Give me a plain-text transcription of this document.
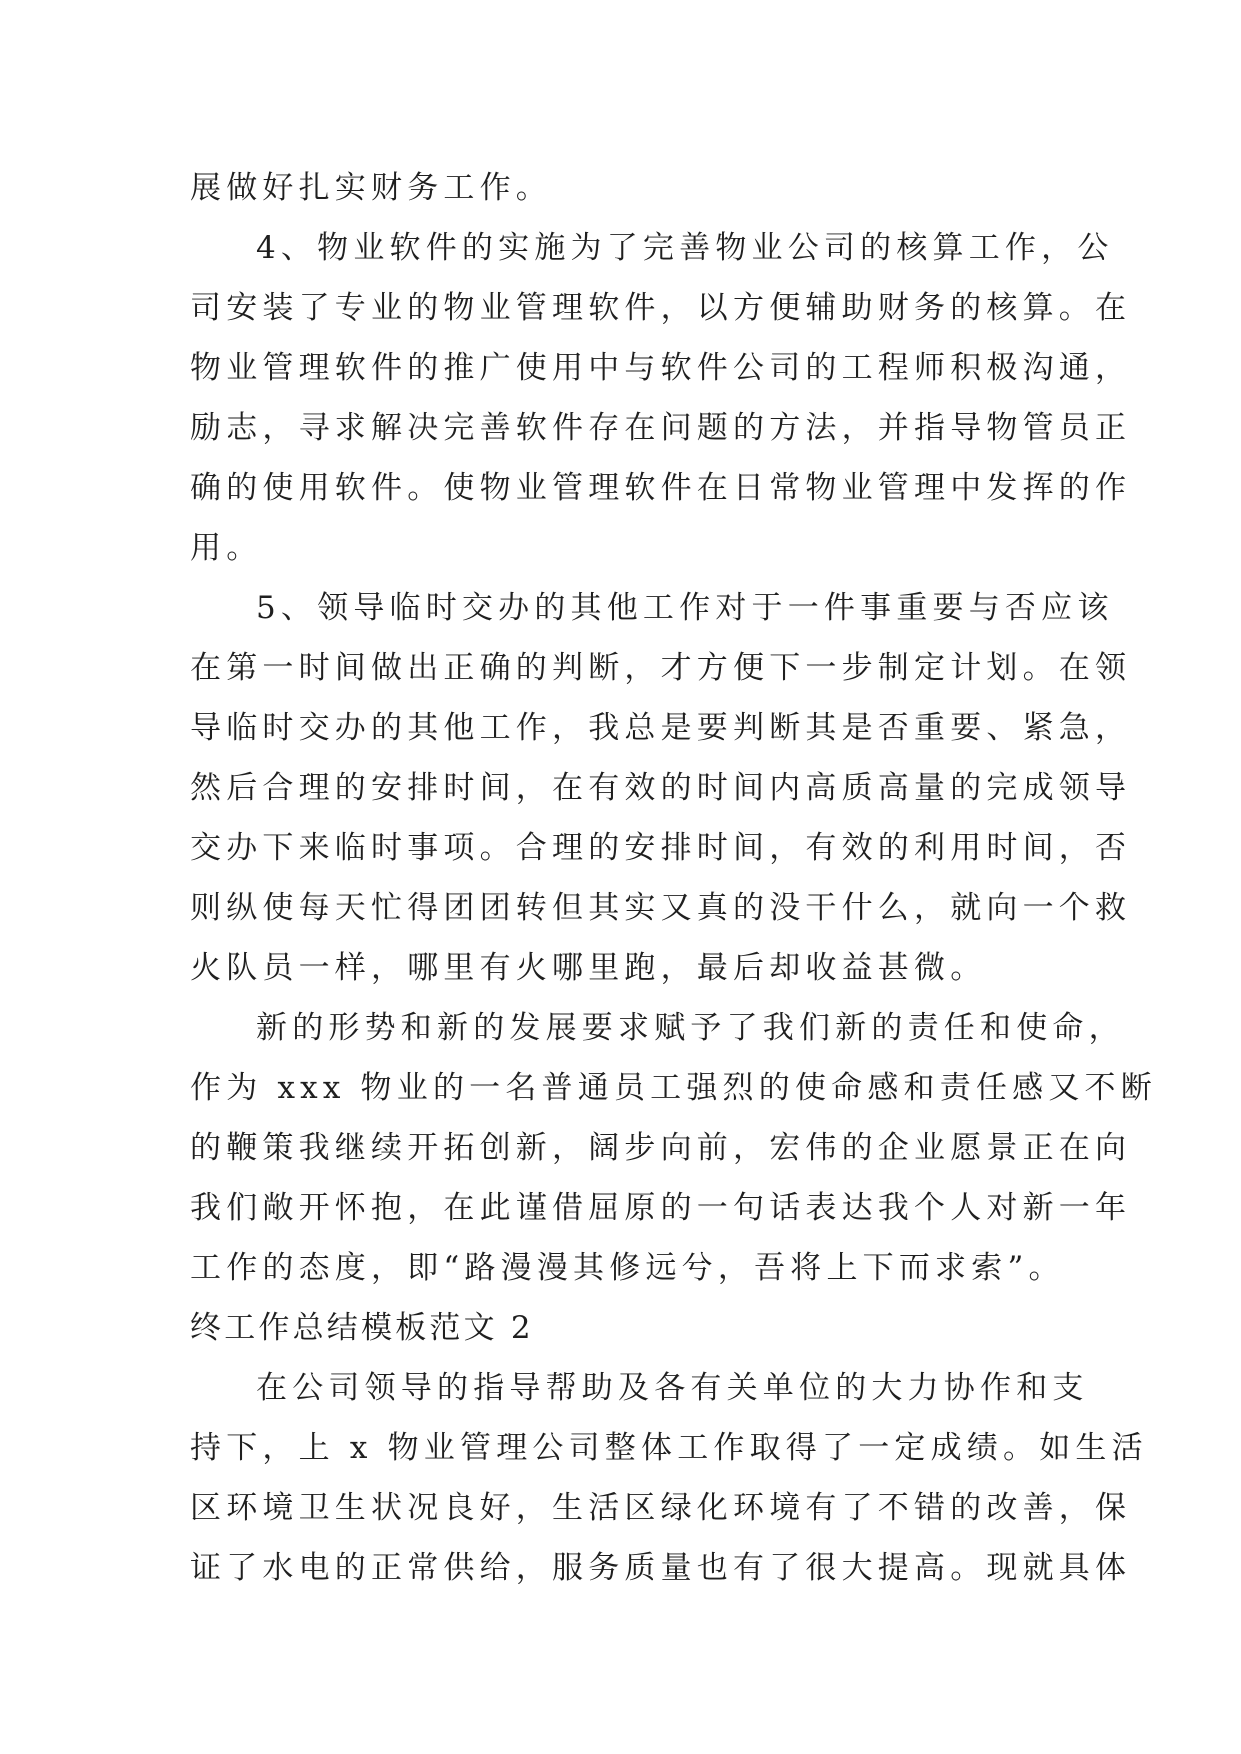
展做好扎实财务工作。
4、物业软件的实施为了完善物业公司的核算工作，公
司安装了专业的物业管理软件，以方便辅助财务的核算。在
物业管理软件的推广使用中与软件公司的工程师积极沟通，
励志，寻求解决完善软件存在问题的方法，并指导物管员正
确的使用软件。使物业管理软件在日常物业管理中发挥的作
用。
5、领导临时交办的其他工作对于一件事重要与否应该
在第一时间做出正确的判断，才方便下一步制定计划。在领
导临时交办的其他工作，我总是要判断其是否重要、紧急，
然后合理的安排时间，在有效的时间内高质高量的完成领导
交办下来临时事项。合理的安排时间，有效的利用时间，否
则纵使每天忙得团团转但其实又真的没干什么，就向一个救
火队员一样，哪里有火哪里跑，最后却收益甚微。
新的形势和新的发展要求赋予了我们新的责任和使命，
作为 xxx 物业的一名普通员工强烈的使命感和责任感又不断
的鞭策我继续开拓创新，阔步向前，宏伟的企业愿景正在向
我们敞开怀抱，在此谨借屈原的一句话表达我个人对新一年
工作的态度，即“路漫漫其修远兮，吾将上下而求索”。
终工作总结模板范文 2
在公司领导的指导帮助及各有关单位的大力协作和支
持下，上 x 物业管理公司整体工作取得了一定成绩。如生活
区环境卫生状况良好，生活区绿化环境有了不错的改善，保
证了水电的正常供给，服务质量也有了很大提高。现就具体
